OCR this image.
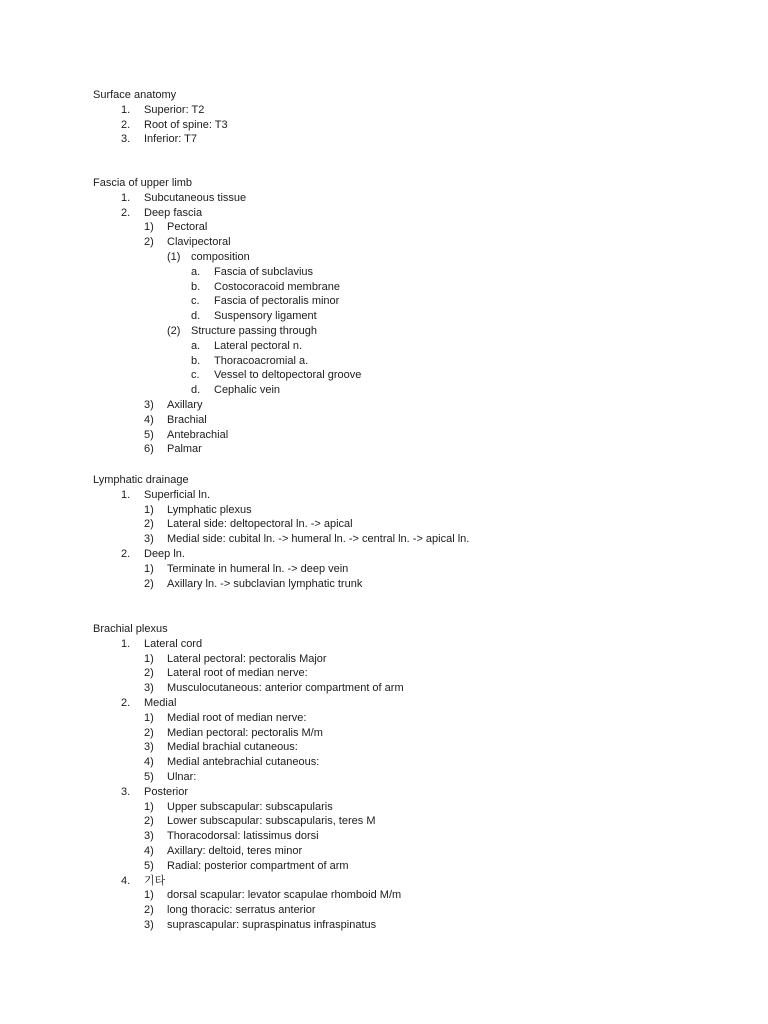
Surface anatomy
1. Superior: T2
2. Root of spine: T3
3. Inferior: T7
Fascia of upper limb
1. Subcutaneous tissue
2. Deep fascia
1) Pectoral
2) Clavipectoral
(1) composition
a. Fascia of subclavius
b. Costocoracoid membrane
c. Fascia of pectoralis minor
d. Suspensory ligament
(2) Structure passing through
a. Lateral pectoral n.
b. Thoracoacromial a.
c. Vessel to deltopectoral groove
d. Cephalic vein
3) Axillary
4) Brachial
5) Antebrachial
6) Palmar
Lymphatic drainage
1. Superficial ln.
1) Lymphatic plexus
2) Lateral side: deltopectoral ln. -> apical
3) Medial side: cubital ln. -> humeral ln. -> central ln. -> apical ln.
2. Deep ln.
1) Terminate in humeral ln. -> deep vein
2) Axillary ln. -> subclavian lymphatic trunk
Brachial plexus
1. Lateral cord
1) Lateral pectoral: pectoralis Major
2) Lateral root of median nerve:
3) Musculocutaneous: anterior compartment of arm
2. Medial
1) Medial root of median nerve:
2) Median pectoral: pectoralis M/m
3) Medial brachial cutaneous:
4) Medial antebrachial cutaneous:
5) Ulnar:
3. Posterior
1) Upper subscapular: subscapularis
2) Lower subscapular: subscapularis, teres M
3) Thoracodorsal: latissimus dorsi
4) Axillary: deltoid, teres minor
5) Radial: posterior compartment of arm
4. 기타
1) dorsal scapular: levator scapulae rhomboid M/m
2) long thoracic: serratus anterior
3) suprascapular: supraspinatus infraspinatus
